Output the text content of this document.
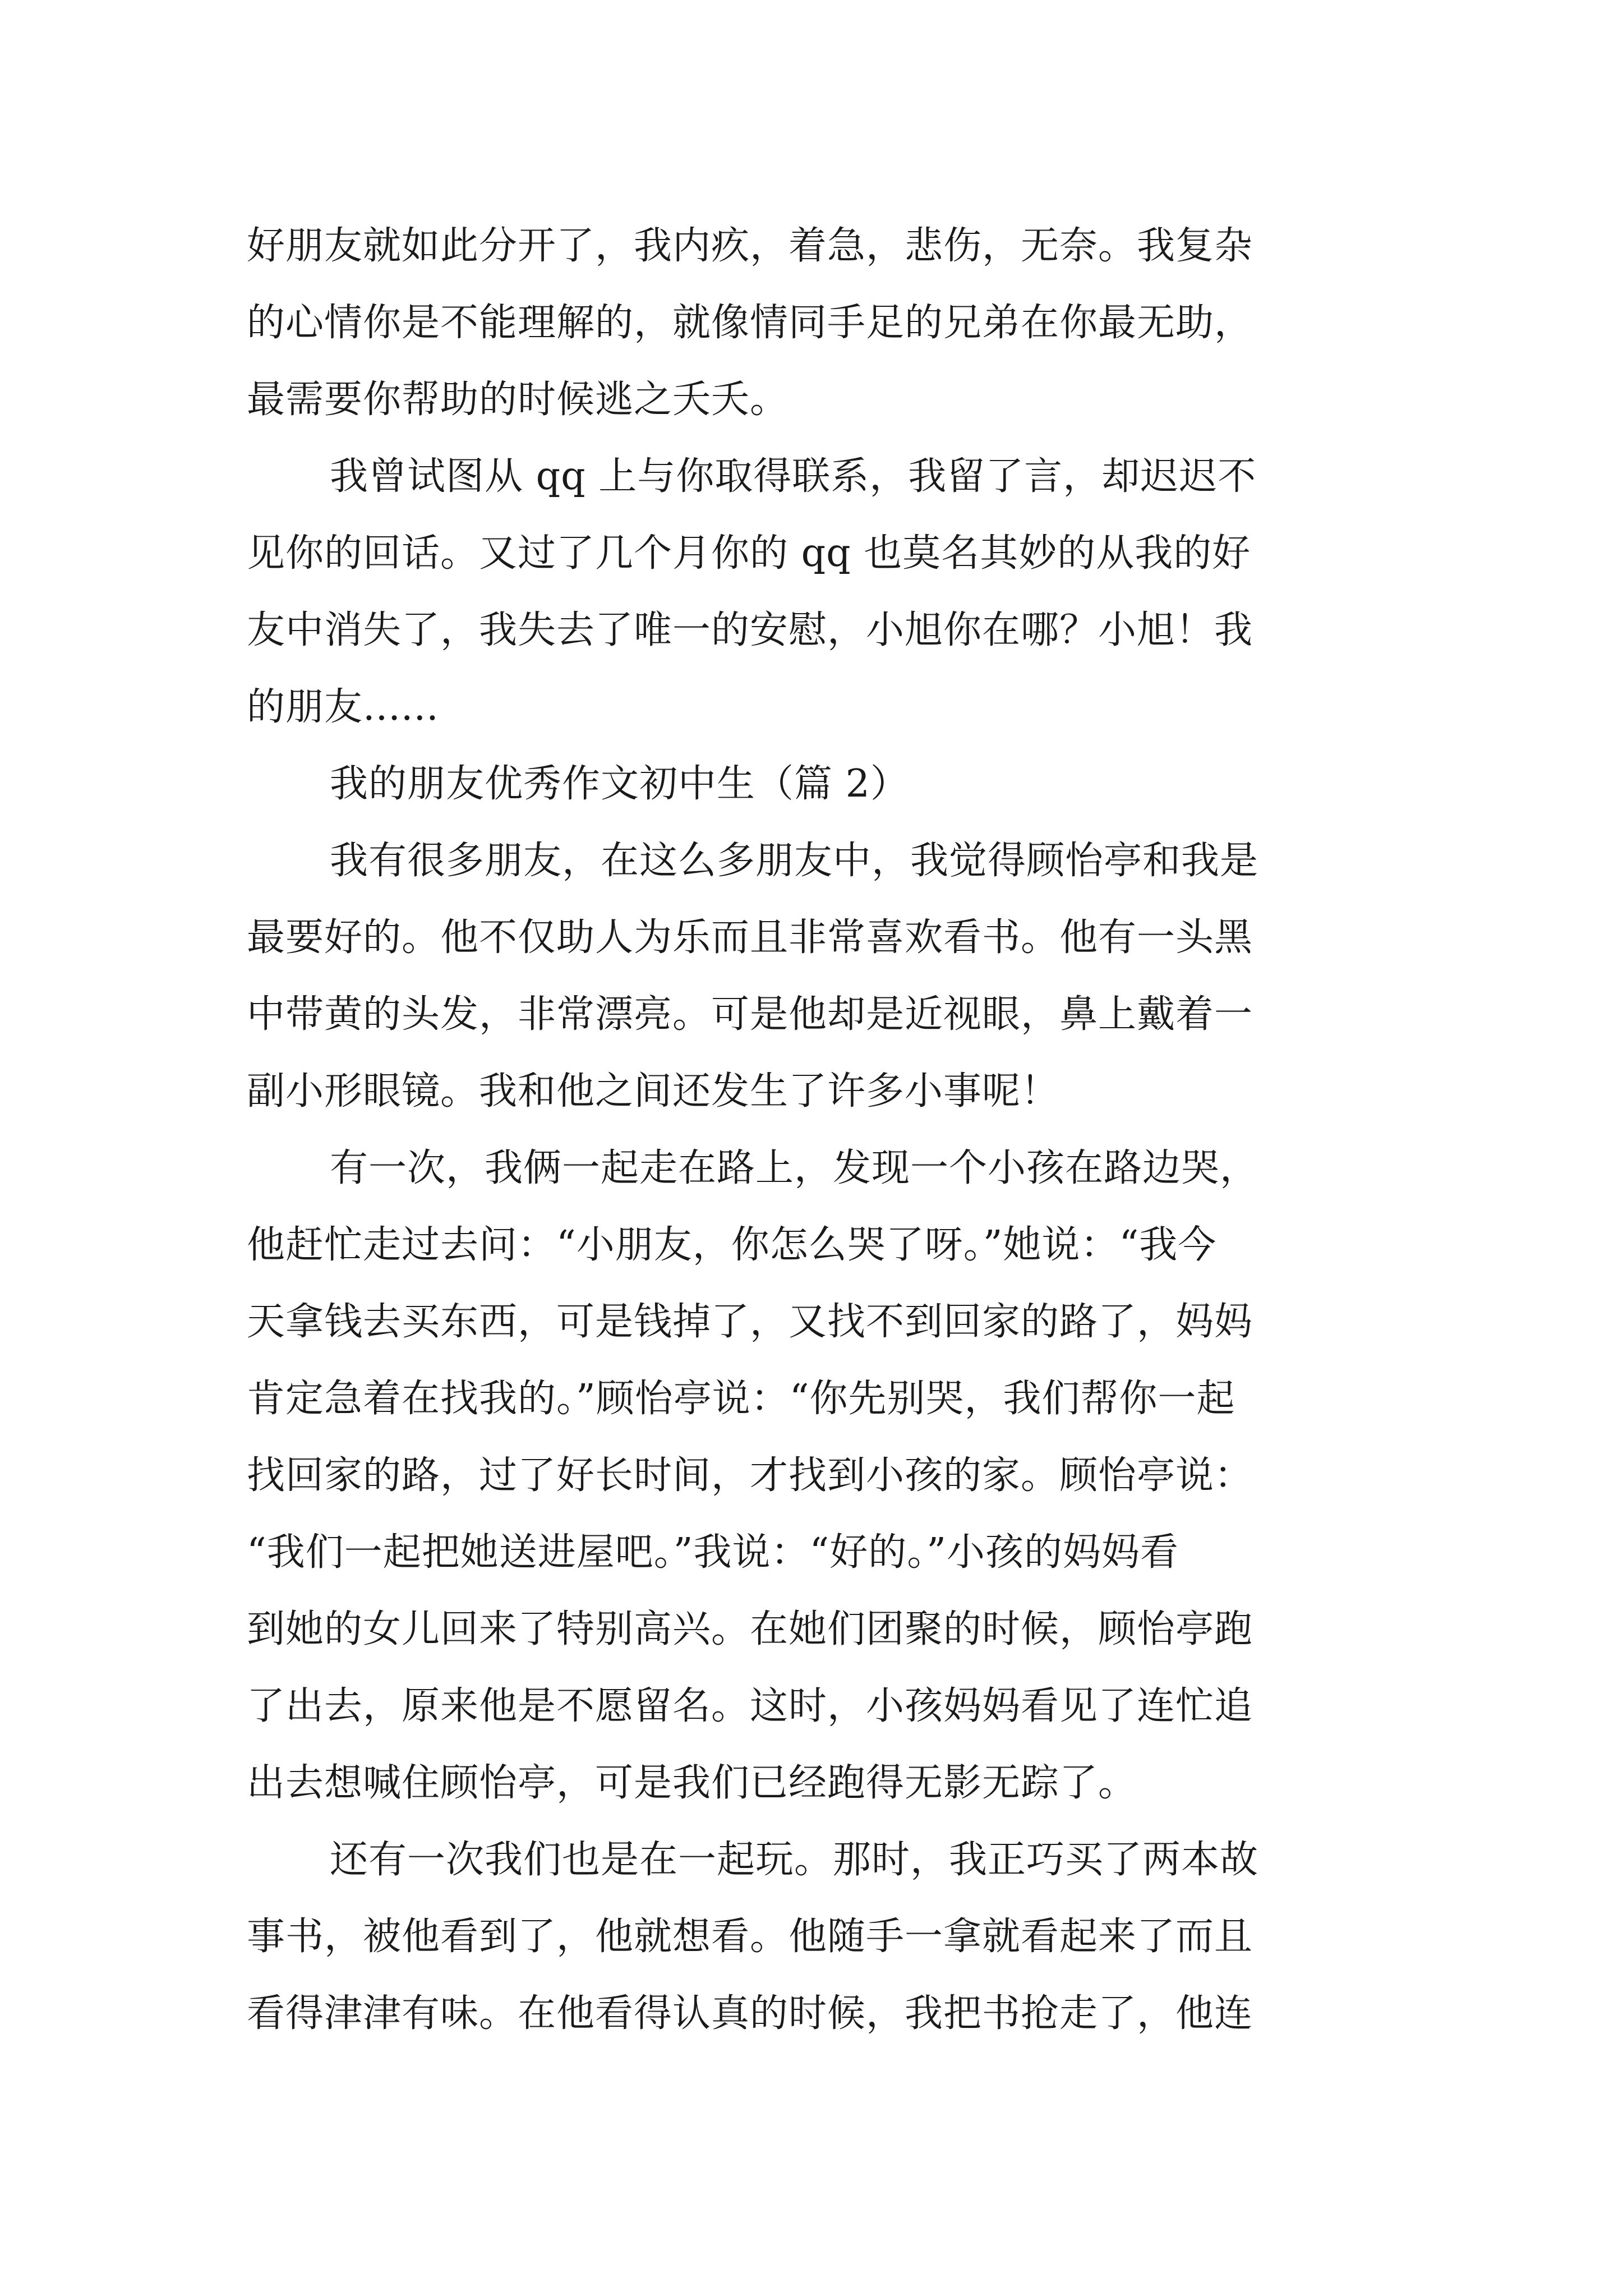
好朋友就如此分开了，我内疚，着急，悲伤，无奈。我复杂
的心情你是不能理解的，就像情同手足的兄弟在你最无助，
最需要你帮助的时候逃之夭夭。

我曾试图从 qq 上与你取得联系，我留了言，却迟迟不
见你的回话。又过了几个月你的 qq 也莫名其妙的从我的好
友中消失了，我失去了唯一的安慰，小旭你在哪？小旭！我
的朋友......

我的朋友优秀作文初中生（篇 2）

我有很多朋友，在这么多朋友中，我觉得顾怡亭和我是
最要好的。他不仅助人为乐而且非常喜欢看书。他有一头黑
中带黄的头发，非常漂亮。可是他却是近视眼，鼻上戴着一
副小形眼镜。我和他之间还发生了许多小事呢！

有一次，我俩一起走在路上，发现一个小孩在路边哭，
他赶忙走过去问：“小朋友，你怎么哭了呀。”她说：“我今
天拿钱去买东西，可是钱掉了，又找不到回家的路了，妈妈
肯定急着在找我的。”顾怡亭说：“你先别哭，我们帮你一起
找回家的路，过了好长时间，才找到小孩的家。顾怡亭说：
“我们一起把她送进屋吧。”我说：“好的。”小孩的妈妈看
到她的女儿回来了特别高兴。在她们团聚的时候，顾怡亭跑
了出去，原来他是不愿留名。这时，小孩妈妈看见了连忙追
出去想喊住顾怡亭，可是我们已经跑得无影无踪了。

还有一次我们也是在一起玩。那时，我正巧买了两本故
事书，被他看到了，他就想看。他随手一拿就看起来了而且
看得津津有味。在他看得认真的时候，我把书抢走了，他连
